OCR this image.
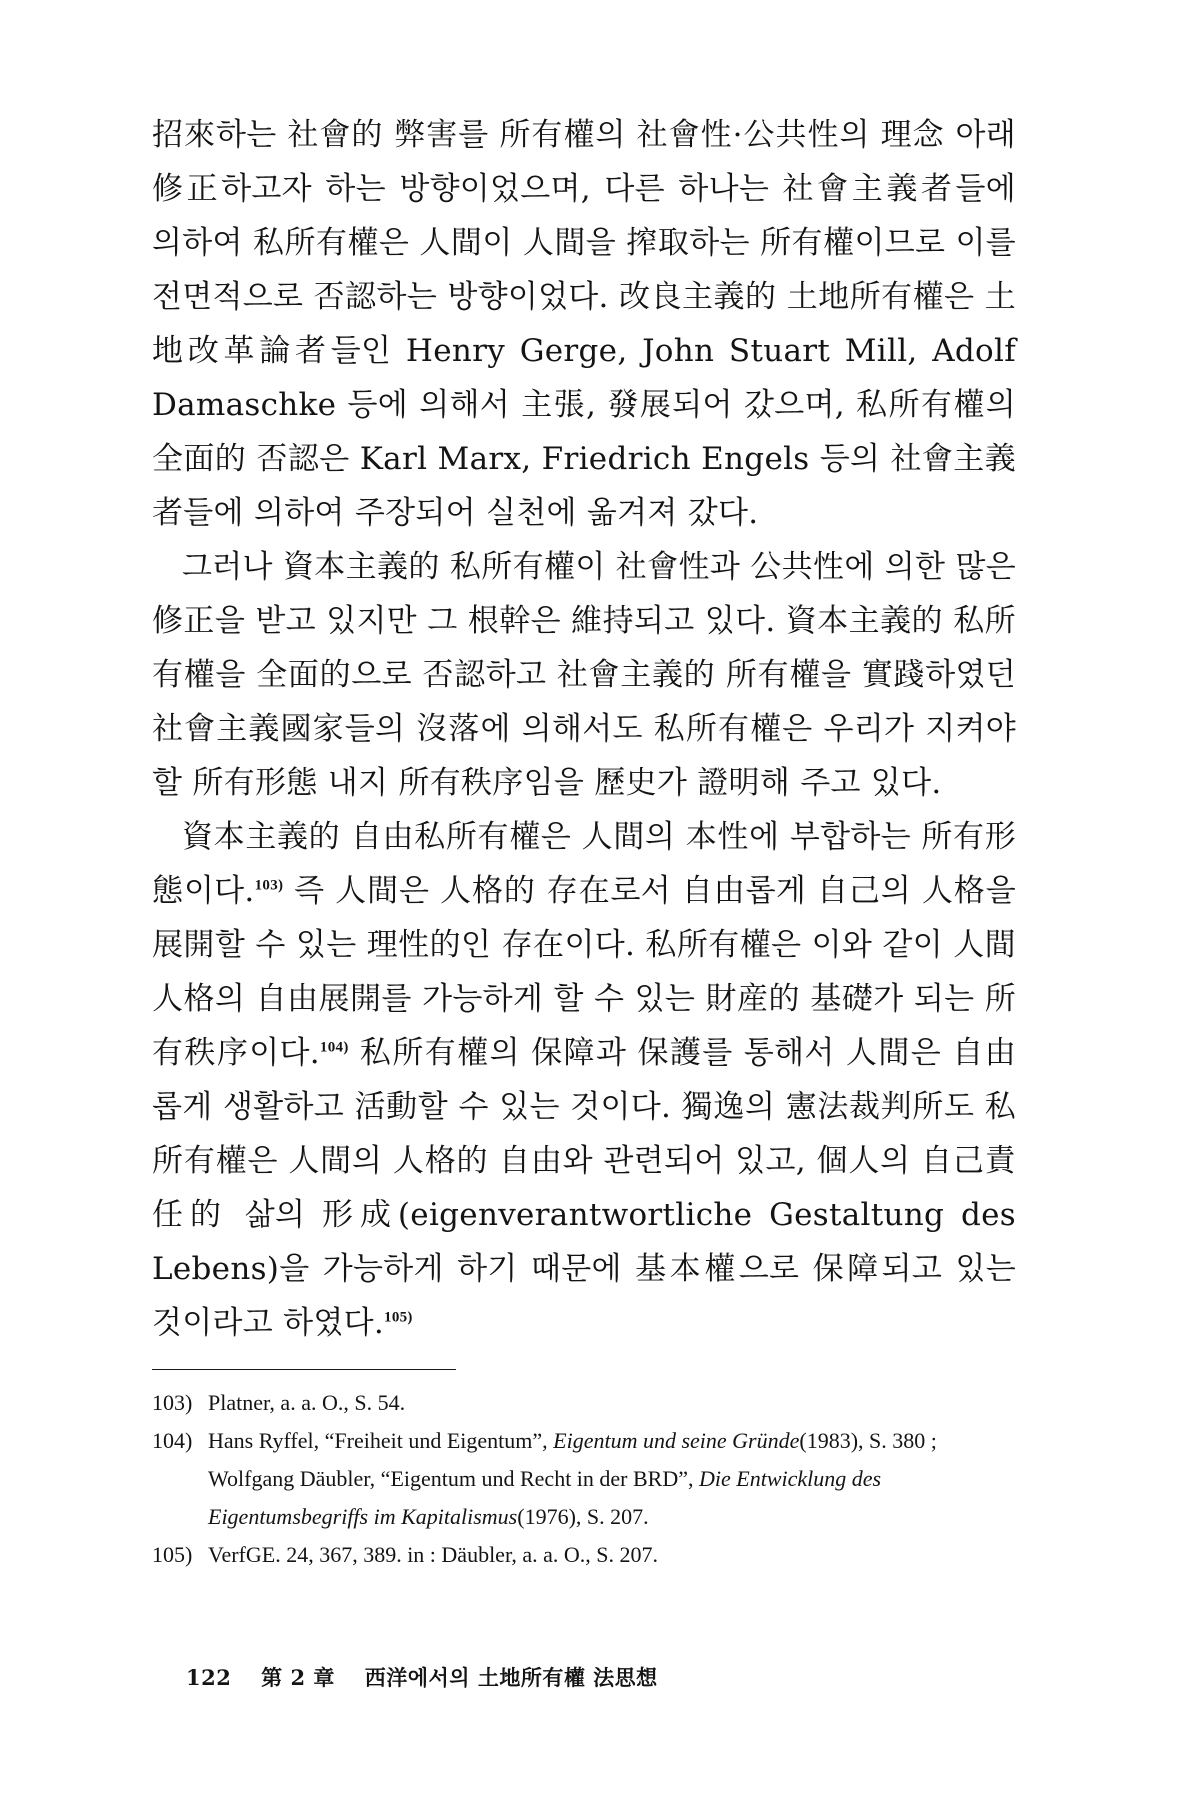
招來하는 社會的 弊害를 所有權의 社會性·公共性의 理念 아래 修正하고자 하는 방향이었으며, 다른 하나는 社會主義者들에 의하여 私所有權은 人間이 人間을 搾取하는 所有權이므로 이를 전면적으로 否認하는 방향이었다. 改良主義的 土地所有權은 土地改革論者들인 Henry Gerge, John Stuart Mill, Adolf Damaschke 등에 의해서 主張, 發展되어 갔으며, 私所有權의 全面的 否認은 Karl Marx, Friedrich Engels 등의 社會主義者들에 의하여 주장되어 실천에 옮겨져 갔다.

그러나 資本主義的 私所有權이 社會性과 公共性에 의한 많은 修正을 받고 있지만 그 根幹은 維持되고 있다. 資本主義的 私所有權을 全面的으로 否認하고 社會主義的 所有權을 實踐하였던 社會主義國家들의 沒落에 의해서도 私所有權은 우리가 지켜야 할 所有形態 내지 所有秩序임을 歷史가 證明해 주고 있다.

資本主義的 自由私所有權은 人間의 本性에 부합하는 所有形態이다.$^{103)}$ 즉 人間은 人格的 存在로서 自由롭게 自己의 人格을 展開할 수 있는 理性的인 存在이다. 私所有權은 이와 같이 人間人格의 自由展開를 가능하게 할 수 있는 財産的 基礎가 되는 所有秩序이다.$^{104)}$ 私所有權의 保障과 保護를 통해서 人間은 自由롭게 생활하고 活動할 수 있는 것이다. 獨逸의 憲法裁判所도 私所有權은 人間의 人格的 自由와 관련되어 있고, 個人의 自己責任的 삶의 形成(eigenverantwortliche Gestaltung des Lebens)을 가능하게 하기 때문에 基本權으로 保障되고 있는 것이라고 하였다.$^{105)}$

103) Platner, a. a. O., S. 54.
104) Hans Ryffel, “Freiheit und Eigentum”, Eigentum und seine Gründe(1983), S. 380 ; Wolfgang Däubler, “Eigentum und Recht in der BRD”, Die Entwicklung des Eigentumsbegriffs im Kapitalismus(1976), S. 207.
105) VerfGE. 24, 367, 389. in : Däubler, a. a. O., S. 207.
122 第 2 章 西洋에서의 土地所有權 法思想
